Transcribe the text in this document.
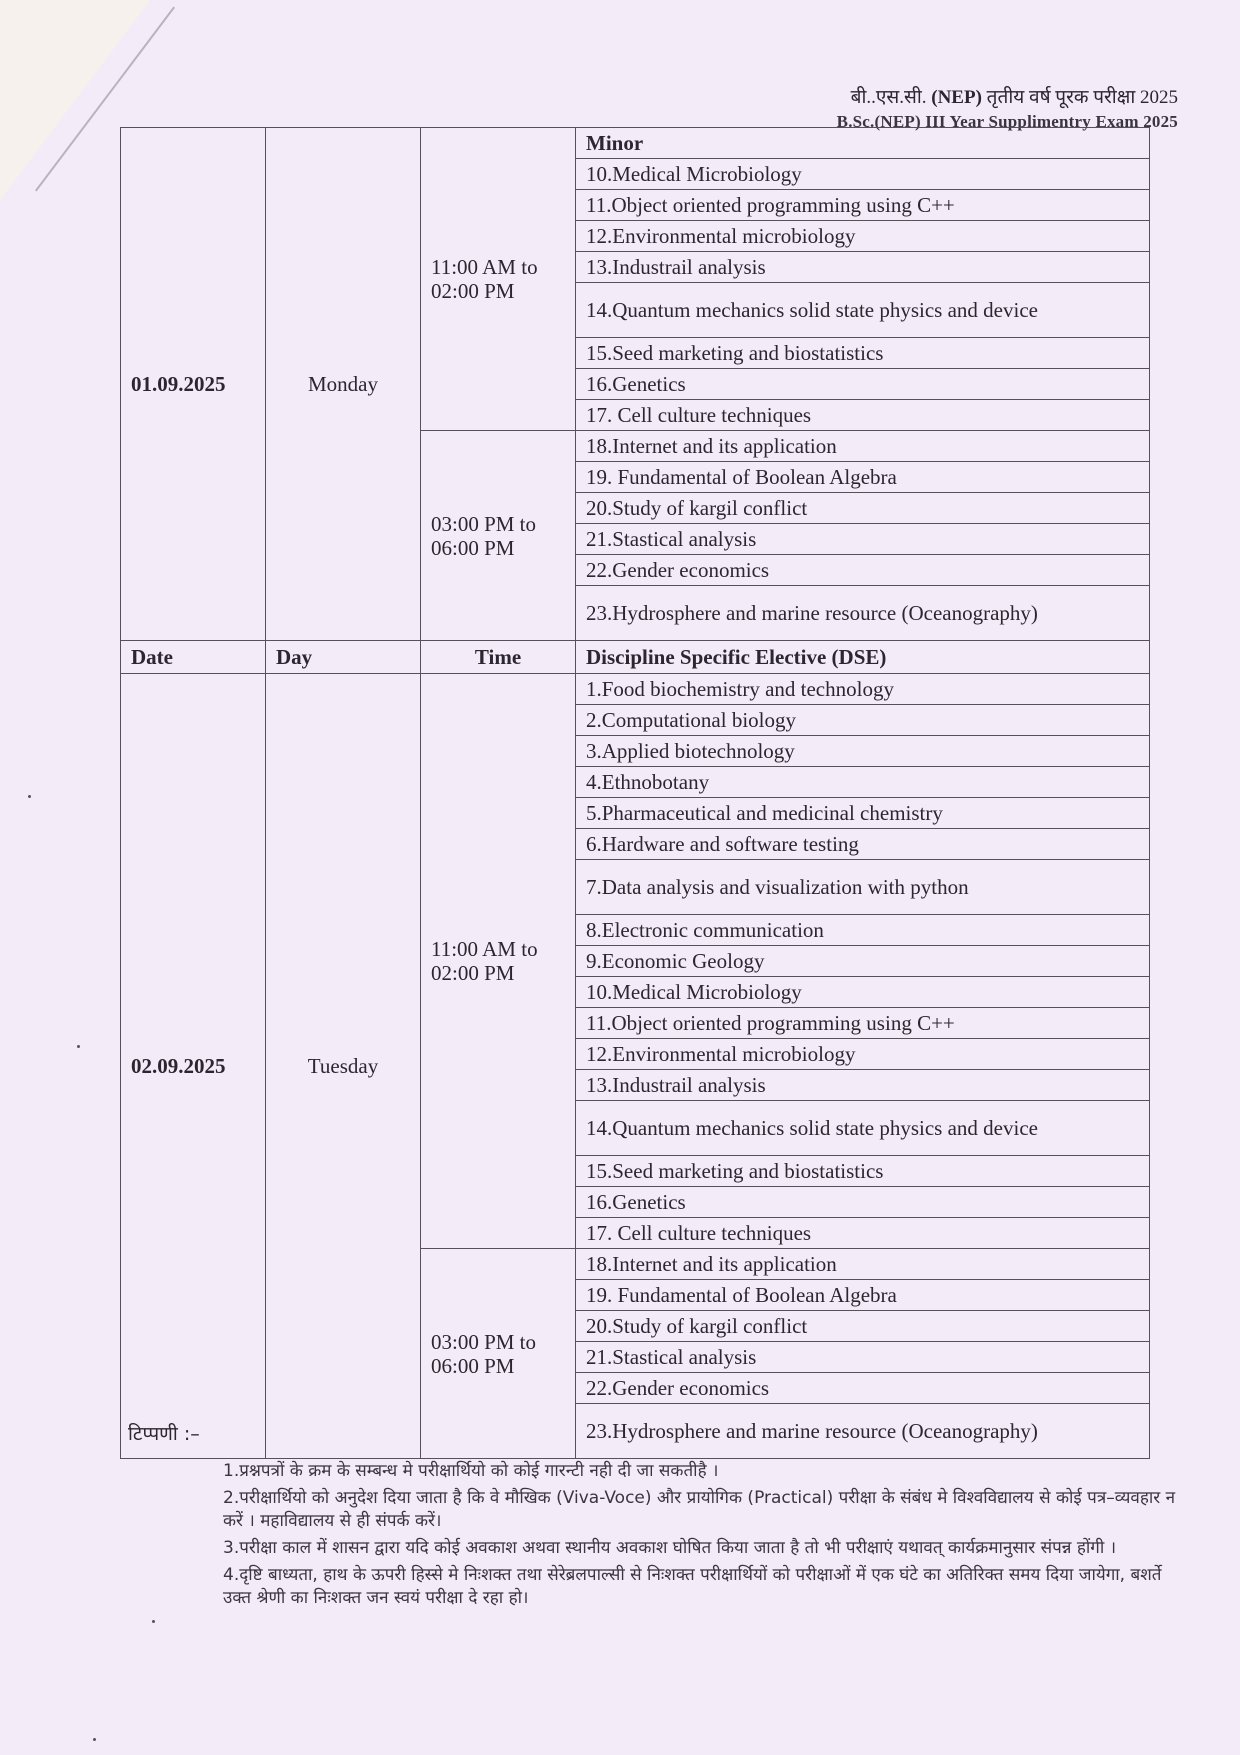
बी..एस.सी. (NEP) तृतीय वर्ष पूरक परीक्षा 2025
B.Sc.(NEP) III Year Supplimentry Exam 2025
01.09.2025	Monday	11:00 AM to
02:00 PM	Minor
			10.Medical Microbiology
			11.Object oriented programming using C++
			12.Environmental microbiology
			13.Industrail analysis
			14.Quantum mechanics solid state physics and device
			15.Seed marketing and biostatistics
			16.Genetics
			17. Cell culture techniques

		03:00 PM to
06:00 PM	18.Internet and its application
			19. Fundamental of Boolean Algebra
			20.Study of kargil conflict
			21.Stastical analysis
			22.Gender economics
			23.Hydrosphere and marine resource (Oceanography)
Date	Day	Time	Discipline Specific Elective (DSE)
02.09.2025	Tuesday	11:00 AM to
02:00 PM	1.Food biochemistry and technology
			2.Computational biology
			3.Applied biotechnology
			4.Ethnobotany
			5.Pharmaceutical and medicinal chemistry
			6.Hardware and software testing
			7.Data analysis and visualization with python
			8.Electronic communication
			9.Economic Geology
			10.Medical Microbiology
			11.Object oriented programming using C++
			12.Environmental microbiology
			13.Industrail analysis
			14.Quantum mechanics solid state physics and device
			15.Seed marketing and biostatistics
			16.Genetics
			17. Cell culture techniques

		03:00 PM to
06:00 PM	18.Internet and its application
			19. Fundamental of Boolean Algebra
			20.Study of kargil conflict
			21.Stastical analysis
			22.Gender economics
			23.Hydrosphere and marine resource (Oceanography)
टिप्पणी :–
1.प्रश्नपत्रों के क्रम के सम्बन्ध मे परीक्षार्थियो को कोई गारन्टी नही दी जा सकतीहै ।
2.परीक्षार्थियो को अनुदेश दिया जाता है कि वे मौखिक (Viva-Voce) और प्रायोगिक (Practical) परीक्षा के संबंध मे विश्वविद्यालय से कोई पत्र–व्यवहार न करें । महाविद्यालय से ही संपर्क करें।
3.परीक्षा काल में शासन द्वारा यदि कोई अवकाश अथवा स्थानीय अवकाश घोषित किया जाता है तो भी परीक्षाएं यथावत् कार्यक्रमानुसार संपन्न होंगी ।
4.दृष्टि बाध्यता, हाथ के ऊपरी हिस्से मे निःशक्त तथा सेरेब्रलपाल्सी से निःशक्त परीक्षार्थियों को परीक्षाओं में एक घंटे का अतिरिक्त समय दिया जायेगा, बशर्ते उक्त श्रेणी का निःशक्त जन स्वयं परीक्षा दे रहा हो।
